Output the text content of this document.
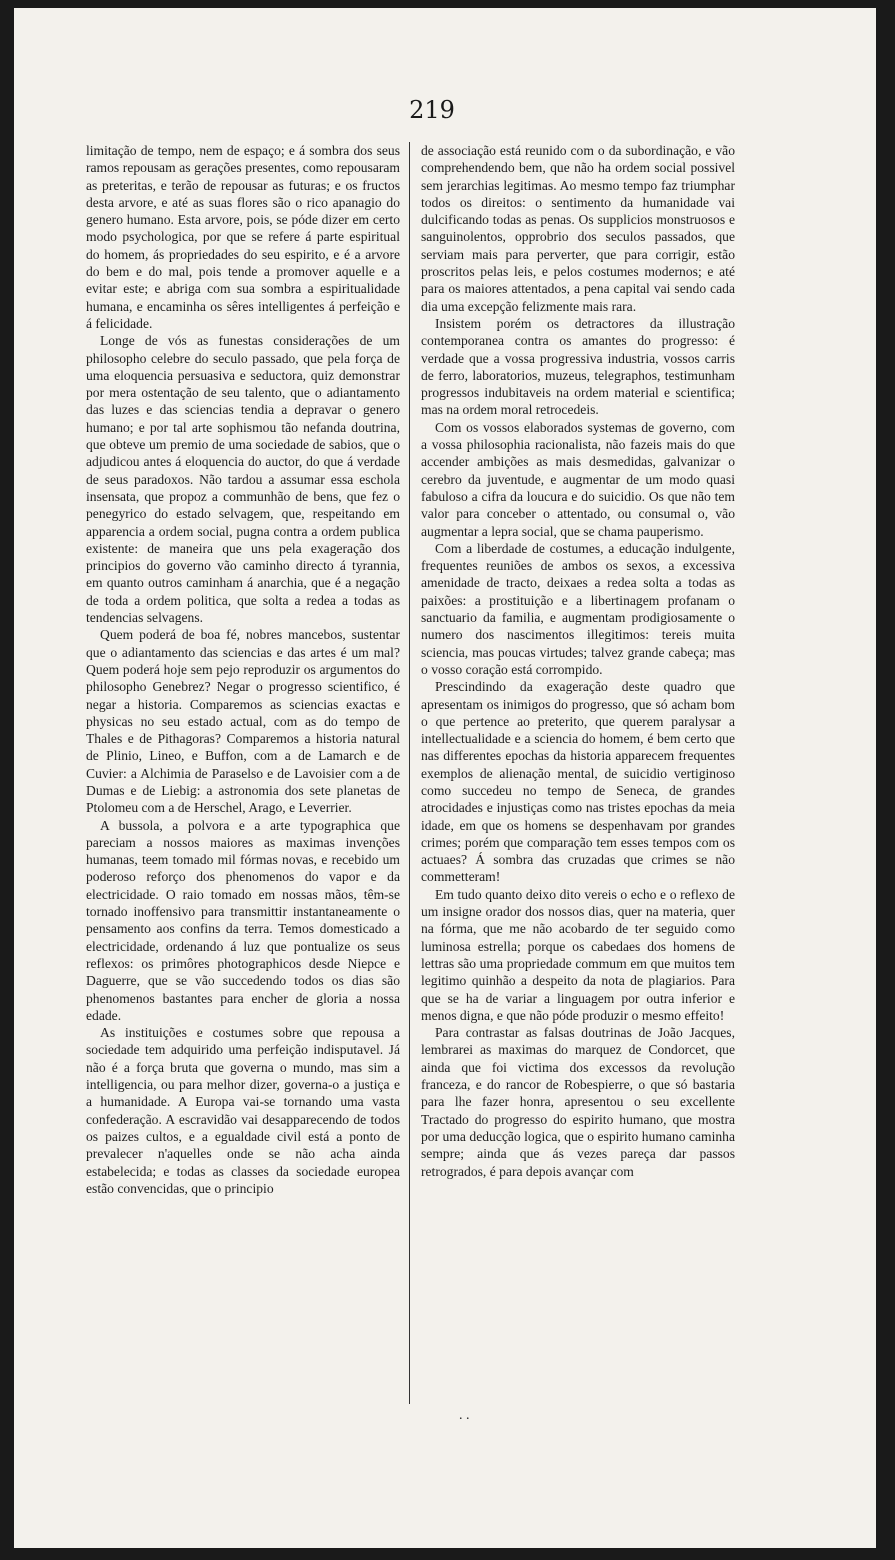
219

limitação de tempo, nem de espaço; e á sombra dos seus ramos repousam as gerações presentes, como repousaram as preteritas, e terão de repousar as futuras; e os fructos desta arvore, e até as suas flores são o rico apanagio do genero humano. Esta arvore, pois, se póde dizer em certo modo psychologica, por que se refere á parte espiritual do homem, ás propriedades do seu espirito, e é a arvore do bem e do mal, pois tende a promover aquelle e a evitar este; e abriga com sua sombra a espiritualidade humana, e encaminha os sêres intelligentes á perfeição e á felicidade.

Longe de vós as funestas considerações de um philosopho celebre do seculo passado, que pela força de uma eloquencia persuasiva e seductora, quiz demonstrar por mera ostentação de seu talento, que o adiantamento das luzes e das sciencias tendia a depravar o genero humano; e por tal arte sophismou tão nefanda doutrina, que obteve um premio de uma sociedade de sabios, que o adjudicou antes á eloquencia do auctor, do que á verdade de seus paradoxos. Não tardou a assumar essa eschola insensata, que propoz a communhão de bens, que fez o penegyrico do estado selvagem, que, respeitando em apparencia a ordem social, pugna contra a ordem publica existente: de maneira que uns pela exageração dos principios do governo vão caminho directo á tyrannia, em quanto outros caminham á anarchia, que é a negação de toda a ordem politica, que solta a redea a todas as tendencias selvagens.

Quem poderá de boa fé, nobres mancebos, sustentar que o adiantamento das sciencias e das artes é um mal? Quem poderá hoje sem pejo reproduzir os argumentos do philosopho Genebrez? Negar o progresso scientifico, é negar a historia. Comparemos as sciencias exactas e physicas no seu estado actual, com as do tempo de Thales e de Pithagoras? Comparemos a historia natural de Plinio, Lineo, e Buffon, com a de Lamarch e de Cuvier: a Alchimia de Paraselso e de Lavoisier com a de Dumas e de Liebig: a astronomia dos sete planetas de Ptolomeu com a de Herschel, Arago, e Leverrier.

A bussola, a polvora e a arte typographica que pareciam a nossos maiores as maximas invenções humanas, teem tomado mil fórmas novas, e recebido um poderoso reforço dos phenomenos do vapor e da electricidade. O raio tomado em nossas mãos, têm-se tornado inoffensivo para transmittir instantaneamente o pensamento aos confins da terra. Temos domesticado a electricidade, ordenando á luz que pontualize os seus reflexos: os primôres photographicos desde Niepce e Daguerre, que se vão succedendo todos os dias são phenomenos bastantes para encher de gloria a nossa edade.

As instituições e costumes sobre que repousa a sociedade tem adquirido uma perfeição indisputavel. Já não é a força bruta que governa o mundo, mas sim a intelligencia, ou para melhor dizer, governa-o a justiça e a humanidade. A Europa vai-se tornando uma vasta confederação. A escravidão vai desapparecendo de todos os paizes cultos, e a egualdade civil está a ponto de prevalecer n'aquelles onde se não acha ainda estabelecida; e todas as classes da sociedade europea estão convencidas, que o principio

de associação está reunido com o da subordinação, e vão comprehendendo bem, que não ha ordem social possivel sem jerarchias legitimas. Ao mesmo tempo faz triumphar todos os direitos: o sentimento da humanidade vai dulcificando todas as penas. Os supplicios monstruosos e sanguinolentos, opprobrio dos seculos passados, que serviam mais para perverter, que para corrigir, estão proscritos pelas leis, e pelos costumes modernos; e até para os maiores attentados, a pena capital vai sendo cada dia uma excepção felizmente mais rara.

Insistem porém os detractores da illustração contemporanea contra os amantes do progresso: é verdade que a vossa progressiva industria, vossos carris de ferro, laboratorios, muzeus, telegraphos, testimunham progressos indubitaveis na ordem material e scientifica; mas na ordem moral retrocedeis.

Com os vossos elaborados systemas de governo, com a vossa philosophia racionalista, não fazeis mais do que accender ambições as mais desmedidas, galvanizar o cerebro da juventude, e augmentar de um modo quasi fabuloso a cifra da loucura e do suicidio. Os que não tem valor para conceber o attentado, ou consumal o, vão augmentar a lepra social, que se chama pauperismo.

Com a liberdade de costumes, a educação indulgente, frequentes reuniões de ambos os sexos, a excessiva amenidade de tracto, deixaes a redea solta a todas as paixões: a prostituição e a libertinagem profanam o sanctuario da familia, e augmentam prodigiosamente o numero dos nascimentos illegitimos: tereis muita sciencia, mas poucas virtudes; talvez grande cabeça; mas o vosso coração está corrompido.

Prescindindo da exageração deste quadro que apresentam os inimigos do progresso, que só acham bom o que pertence ao preterito, que querem paralysar a intellectualidade e a sciencia do homem, é bem certo que nas differentes epochas da historia apparecem frequentes exemplos de alienação mental, de suicidio vertiginoso como succedeu no tempo de Seneca, de grandes atrocidades e injustiças como nas tristes epochas da meia idade, em que os homens se despenhavam por grandes crimes; porém que comparação tem esses tempos com os actuaes? Á sombra das cruzadas que crimes se não commetteram!

Em tudo quanto deixo dito vereis o echo e o reflexo de um insigne orador dos nossos dias, quer na materia, quer na fórma, que me não acobardo de ter seguido como luminosa estrella; porque os cabedaes dos homens de lettras são uma propriedade commum em que muitos tem legitimo quinhão a despeito da nota de plagiarios. Para que se ha de variar a linguagem por outra inferior e menos digna, e que não póde produzir o mesmo effeito!

Para contrastar as falsas doutrinas de João Jacques, lembrarei as maximas do marquez de Condorcet, que ainda que foi victima dos excessos da revolução franceza, e do rancor de Robespierre, o que só bastaria para lhe fazer honra, apresentou o seu excellente Tractado do progresso do espirito humano, que mostra por uma deducção logica, que o espirito humano caminha sempre; ainda que ás vezes pareça dar passos retrogrados, é para depois avançar com

. .
